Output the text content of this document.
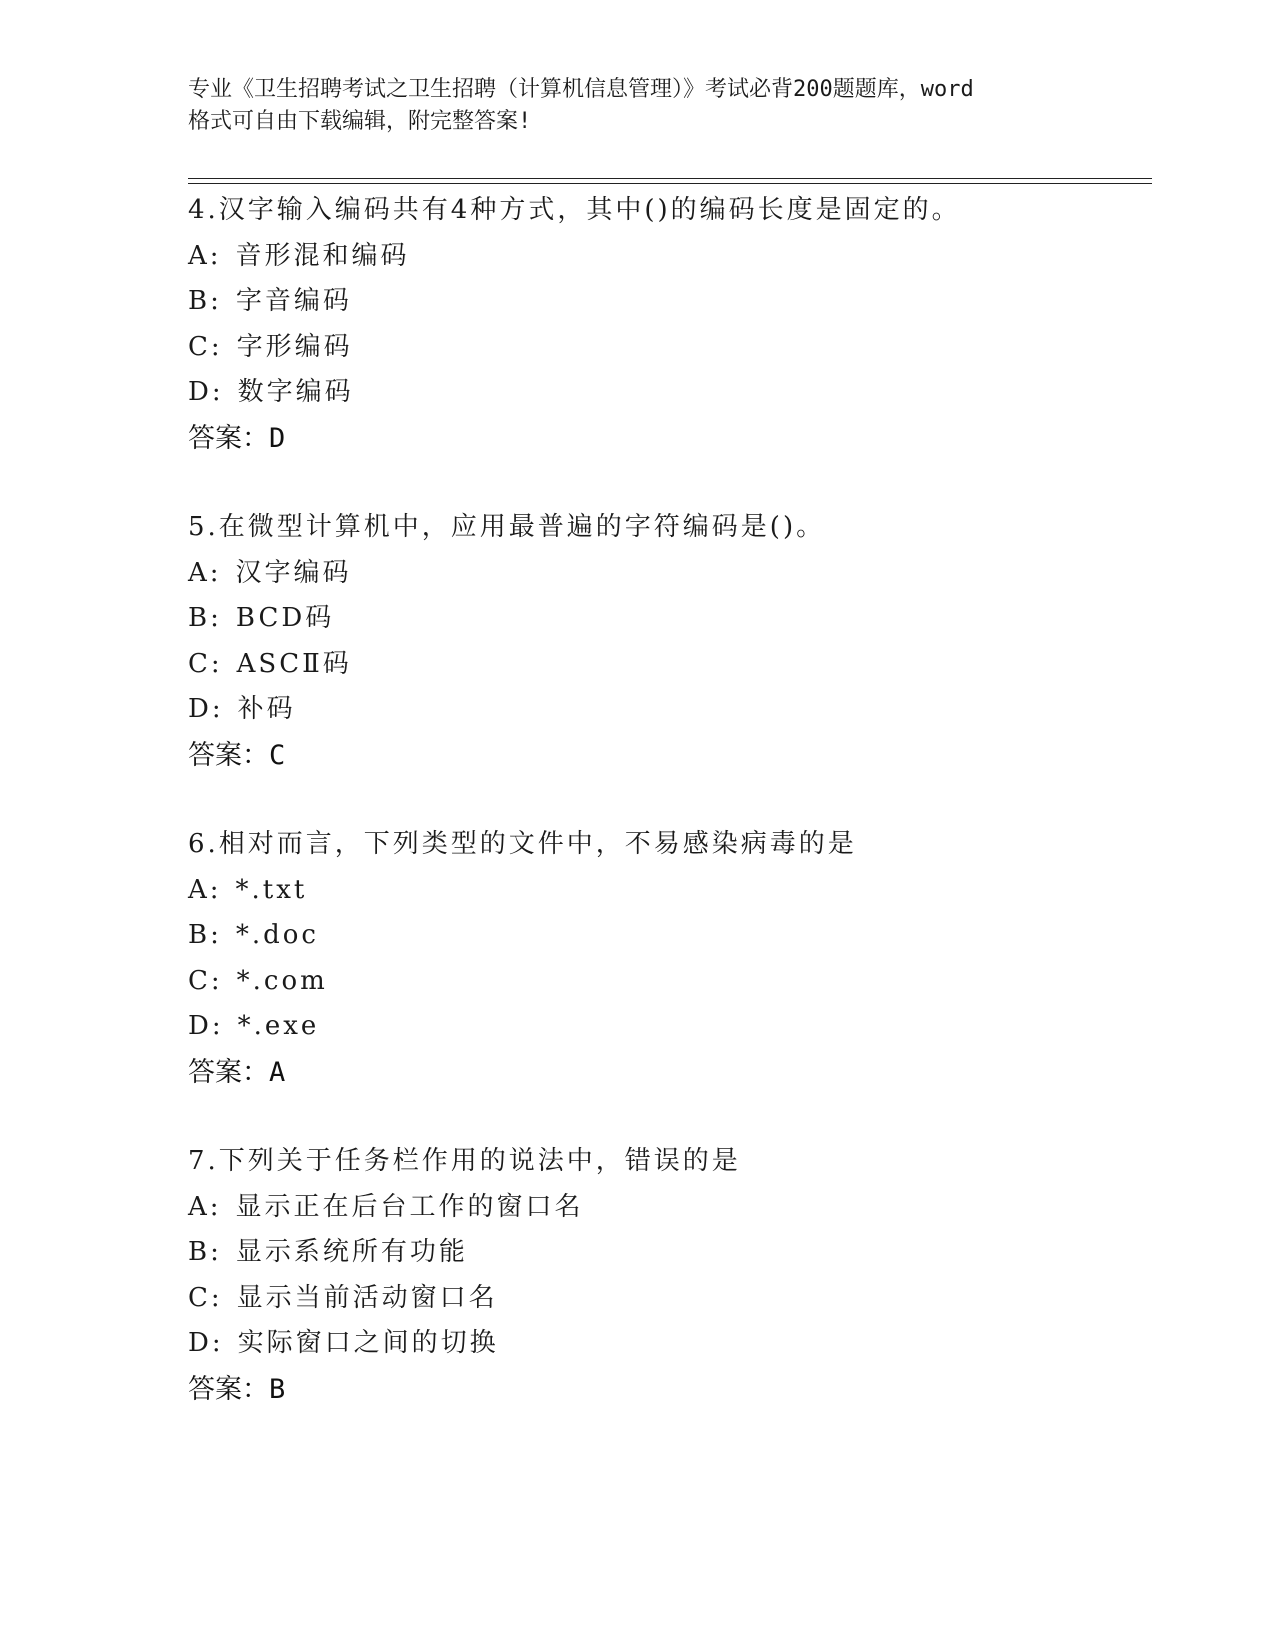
专业《卫生招聘考试之卫生招聘（计算机信息管理）》考试必背200题题库，word
格式可自由下载编辑，附完整答案!
4.汉字输入编码共有4种方式，其中()的编码长度是固定的。
A: 音形混和编码
B: 字音编码
C: 字形编码
D: 数字编码
答案：D
5.在微型计算机中，应用最普遍的字符编码是()。
A: 汉字编码
B: BCD码
C: ASCⅡ码
D: 补码
答案：C
6.相对而言，下列类型的文件中，不易感染病毒的是
A: *.txt
B: *.doc
C: *.com
D: *.exe
答案：A
7.下列关于任务栏作用的说法中，错误的是
A: 显示正在后台工作的窗口名
B: 显示系统所有功能
C: 显示当前活动窗口名
D: 实际窗口之间的切换
答案：B
